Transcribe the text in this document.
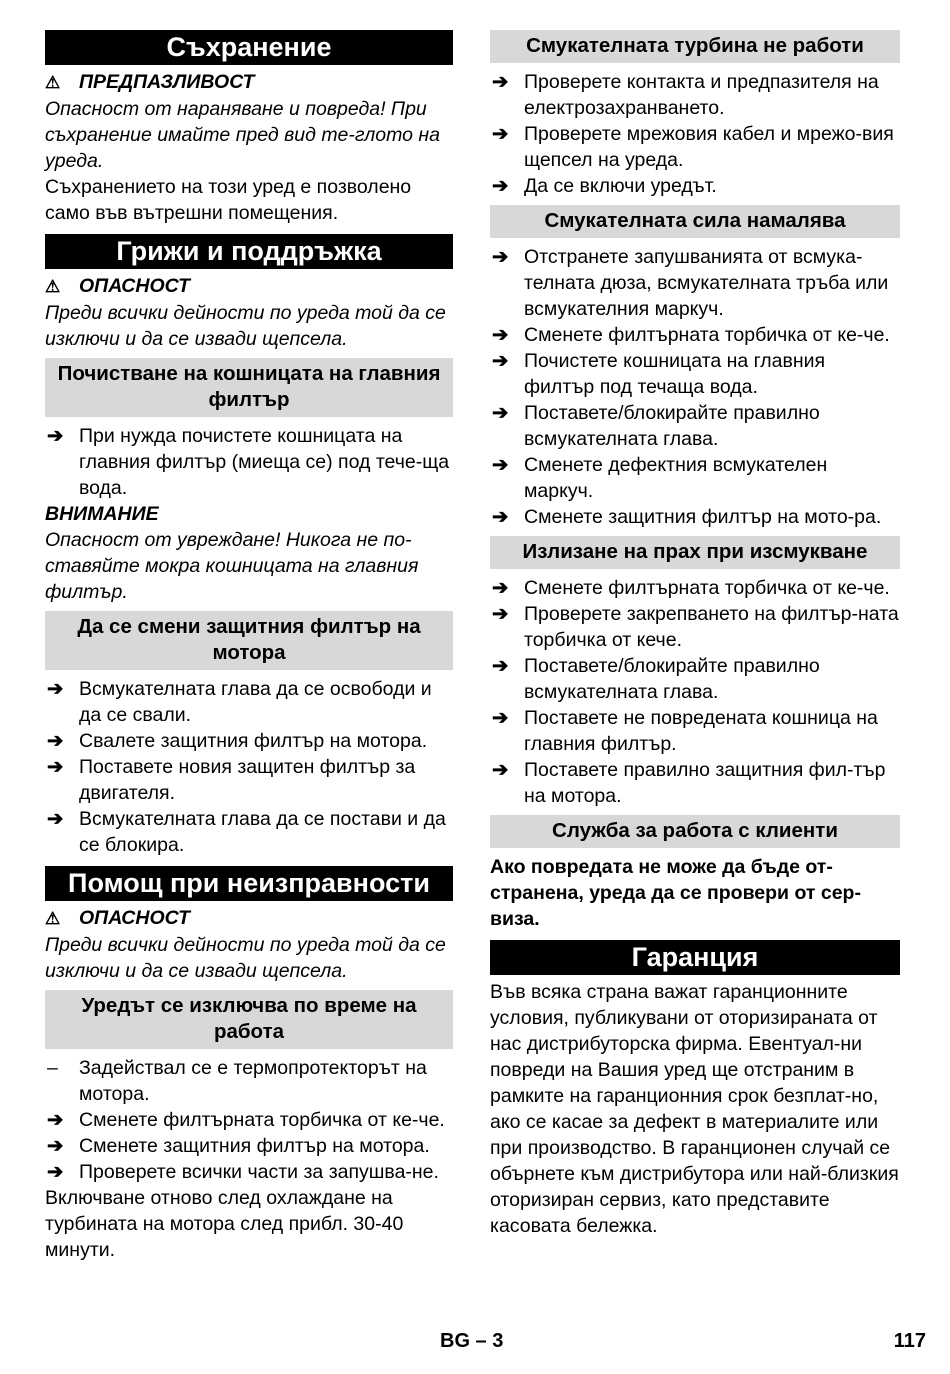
Съхранение

⚠ ПРЕДПАЗЛИВОСТ

Опасност от нараняване и повреда! При съхранение имайте пред вид те-глото на уреда.

Съхранението на този уред е позволено само във вътрешни помещения.

Грижи и поддръжка

⚠ ОПАСНОСТ

Преди всички дейности по уреда той да се изключи и да се извади щепсела.

Почистване на кошницата на главния филтър
➔ При нужда почистете кошницата на главния филтър (миеща се) под тече-ща вода.

ВНИМАНИЕ

Опасност от увреждане! Никога не по-ставяйте мокра кошницата на главния филтър.

Да се смени защитния филтър на мотора
➔ Всмукателната глава да се освободи и да се свали.
➔ Свалете защитния филтър на мотора.
➔ Поставете новия защитен филтър за двигателя.
➔ Всмукателната глава да се постави и да се блокира.
Помощ при неизправности

⚠ ОПАСНОСТ

Преди всички дейности по уреда той да се изключи и да се извади щепсела.

Уредът се изключва по време на работа
– Задействал се е термопротекторът на мотора.
➔ Сменете филтърната торбичка от ке-че.
➔ Сменете защитния филтър на мотора.
➔ Проверете всички части за запушва-не.

Включване отново след охлаждане на турбината на мотора след прибл. 30-40 минути.

Смукателната турбина не работи
➔ Проверете контакта и предпазителя на електрозахранването.
➔ Проверете мрежовия кабел и мрежо-вия щепсел на уреда.
➔ Да се включи уредът.
Смукателната сила намалява
➔ Отстранете запушванията от всмука-телната дюза, всмукателната тръба или всмукателния маркуч.
➔ Сменете филтърната торбичка от ке-че.
➔ Почистете кошницата на главния филтър под течаща вода.
➔ Поставете/блокирайте правилно всмукателната глава.
➔ Сменете дефектния всмукателен маркуч.
➔ Сменете защитния филтър на мото-ра.
Излизане на прах при изсмукване
➔ Сменете филтърната торбичка от ке-че.
➔ Проверете закрепването на филтър-ната торбичка от кече.
➔ Поставете/блокирайте правилно всмукателната глава.
➔ Поставете не повредената кошница на главния филтър.
➔ Поставете правилно защитния фил-тър на мотора.
Служба за работа с клиенти

Ако повредата не може да бъде от-странена, уреда да се провери от сер-виза.

Гаранция

Във всяка страна важат гаранционните условия, публикувани от оторизираната от нас дистрибуторска фирма. Евентуал-ни повреди на Вашия уред ще отстраним в рамките на гаранционния срок безплат-но, ако се касае за дефект в материалите или при производство. В гаранционен случай се обърнете към дистрибутора или най-близкия оторизиран сервиз, като представите касовата бележка.

BG – 3	117
